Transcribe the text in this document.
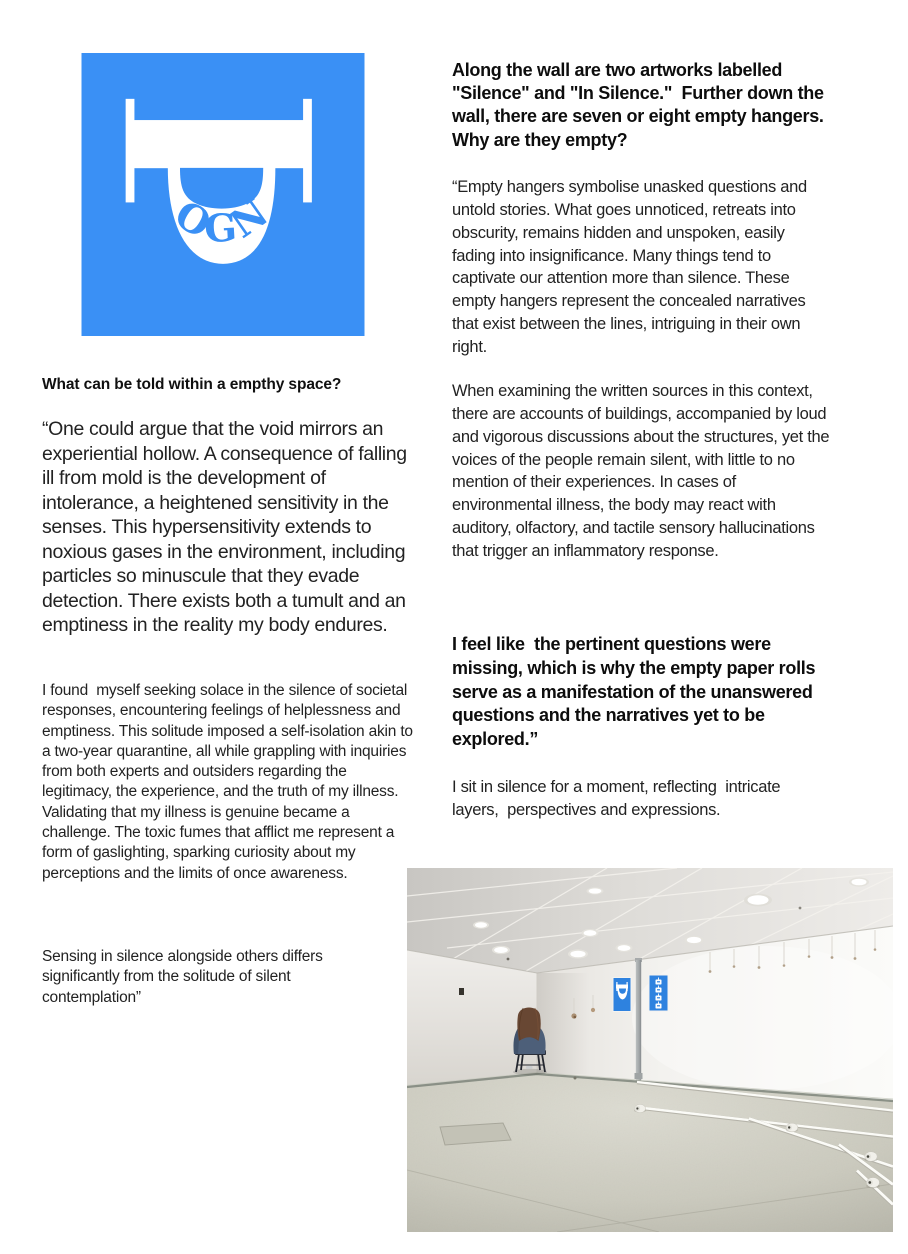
ÖGN

What can be told within a empthy space?

“One could argue that the void mirrors an experiential hollow. A consequence of falling ill from mold is the development of intolerance, a heightened sensitivity in the senses. This hypersensitivity extends to noxious gases in the environment, including particles so minuscule that they evade detection. There exists both a tumult and an emptiness in the reality my body endures.

I found  myself seeking solace in the silence of societal responses, encountering feelings of helplessness and emptiness. This solitude imposed a self-isolation akin to a two-year quarantine, all while grappling with inquiries from both experts and outsiders regarding the legitimacy, the experience, and the truth of my illness. Validating that my illness is genuine became a challenge. The toxic fumes that afflict me represent a form of gaslighting, sparking curiosity about my perceptions and the limits of once awareness.

Sensing in silence alongside others differs significantly from the solitude of silent contemplation”

Along the wall are two artworks labelled "Silence" and "In Silence."  Further down the wall, there are seven or eight empty hangers.  Why are they empty?

“Empty hangers symbolise unasked questions and untold stories. What goes unnoticed, retreats into obscurity, remains hidden and unspoken, easily fading into insignificance. Many things tend to captivate our attention more than silence. These empty hangers represent the concealed narratives that exist between the lines, intriguing in their own right.

When examining the written sources in this context, there are accounts of buildings, accompanied by loud and vigorous discussions about the structures, yet the voices of the people remain silent, with little to no mention of their experiences. In cases of environmental illness, the body may react with auditory, olfactory, and tactile sensory hallucinations that trigger an inflammatory response.

I feel like  the pertinent questions were missing, which is why the empty paper rolls serve as a manifestation of the unanswered questions and the narratives yet to be explored.”

I sit in silence for a moment, reflecting  intricate layers,  perspectives and expressions.
